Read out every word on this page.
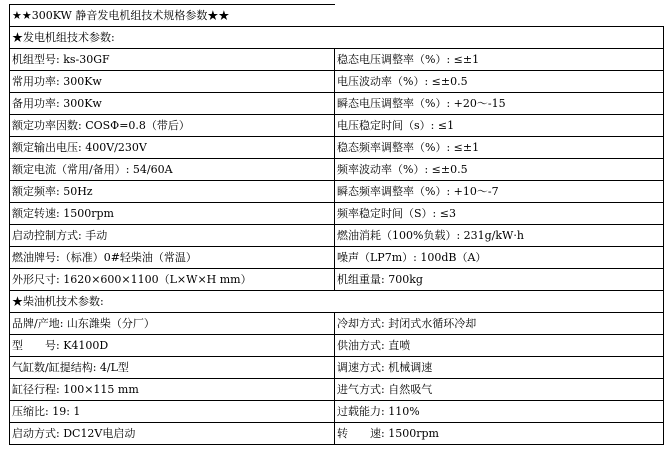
★★300KW 静音发电机组技术规格参数★★	
★发电机组技术参数:	
机组型号: ks-30GF	稳态电压调整率（%）: ≤±1
常用功率: 300Kw	电压波动率（%）: ≤±0.5
备用功率: 300Kw	瞬态电压调整率（%）: +20～-15
额定功率因数: COSΦ=0.8（带后）	电压稳定时间（s）: ≤1
额定输出电压: 400V/230V	稳态频率调整率（%）: ≤±1
额定电流（常用/备用）: 54/60A	频率波动率（%）: ≤±0.5
额定频率: 50Hz	瞬态频率调整率（%）: +10～-7
额定转速: 1500rpm	频率稳定时间（S）: ≤3
启动控制方式: 手动	燃油消耗（100%负载）: 231g/kW·h
燃油牌号:（标准）0#轻柴油（常温）	噪声（LP7m）: 100dB（A）
外形尺寸: 1620×600×1100（L×W×H mm）	机组重量: 700kg
★柴油机技术参数:	
品牌/产地: 山东潍柴（分厂）	冷却方式: 封闭式水循环冷却
型　　号: K4100D	供油方式: 直喷
气缸数/缸提结构: 4/L型	调速方式: 机械调速
缸径行程: 100×115 mm	进气方式: 自然吸气
压缩比: 19: 1	过载能力: 110%
启动方式: DC12V电启动	转　　速: 1500rpm
